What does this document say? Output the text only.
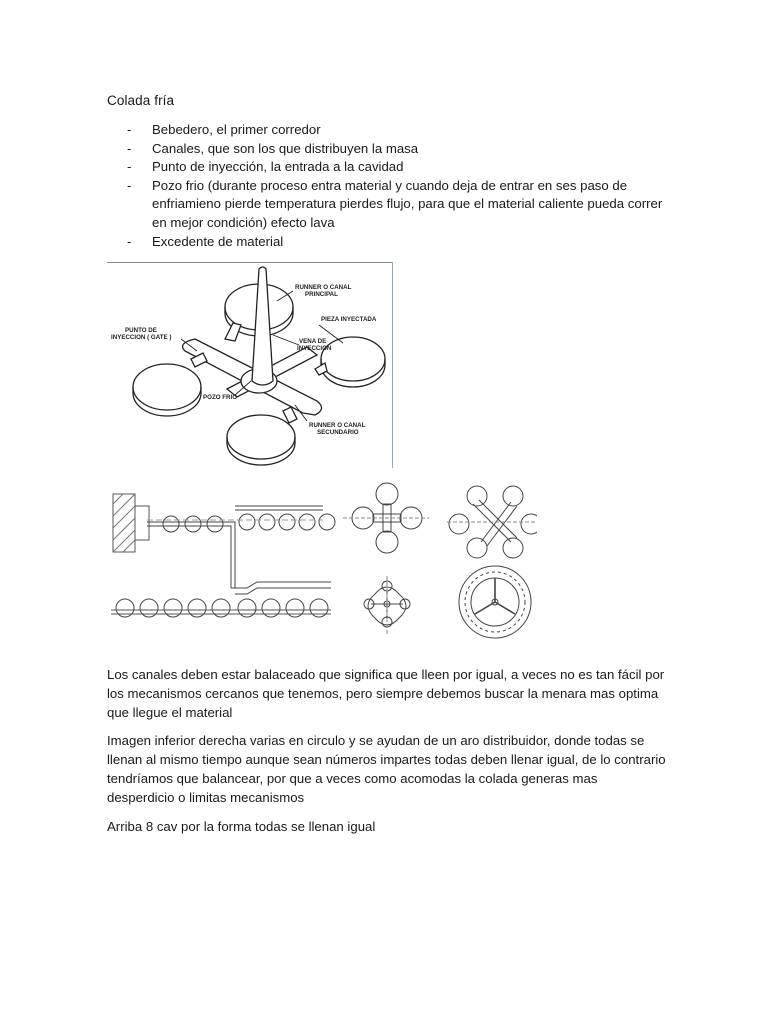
Colada fría
- Bebedero, el primer corredor
- Canales, que son los que distribuyen la masa
- Punto de inyección, la entrada a la cavidad
- Pozo frio (durante proceso entra material y cuando deja de entrar en ses paso de enfriamieno pierde temperatura pierdes flujo, para que el material caliente pueda correr en mejor condición) efecto lava
- Excedente de material
RUNNER O CANAL
PRINCIPAL
PIEZA INYECTADA
PUNTO DE
INYECCION ( GATE )
VENA DE
INYECCION
POZO FRIO
RUNNER O CANAL
SECUNDARIO

Los canales deben estar balaceado que significa que lleen por igual, a veces no es tan fácil por los mecanismos cercanos que tenemos, pero siempre debemos buscar la menara mas optima que llegue el material

Imagen inferior derecha varias en circulo y se ayudan de un aro distribuidor, donde todas se llenan al mismo tiempo aunque sean números impartes todas deben llenar igual, de lo contrario tendríamos que balancear, por que a veces como acomodas la colada generas mas desperdicio o limitas mecanismos

Arriba 8 cav por la forma todas se llenan igual
